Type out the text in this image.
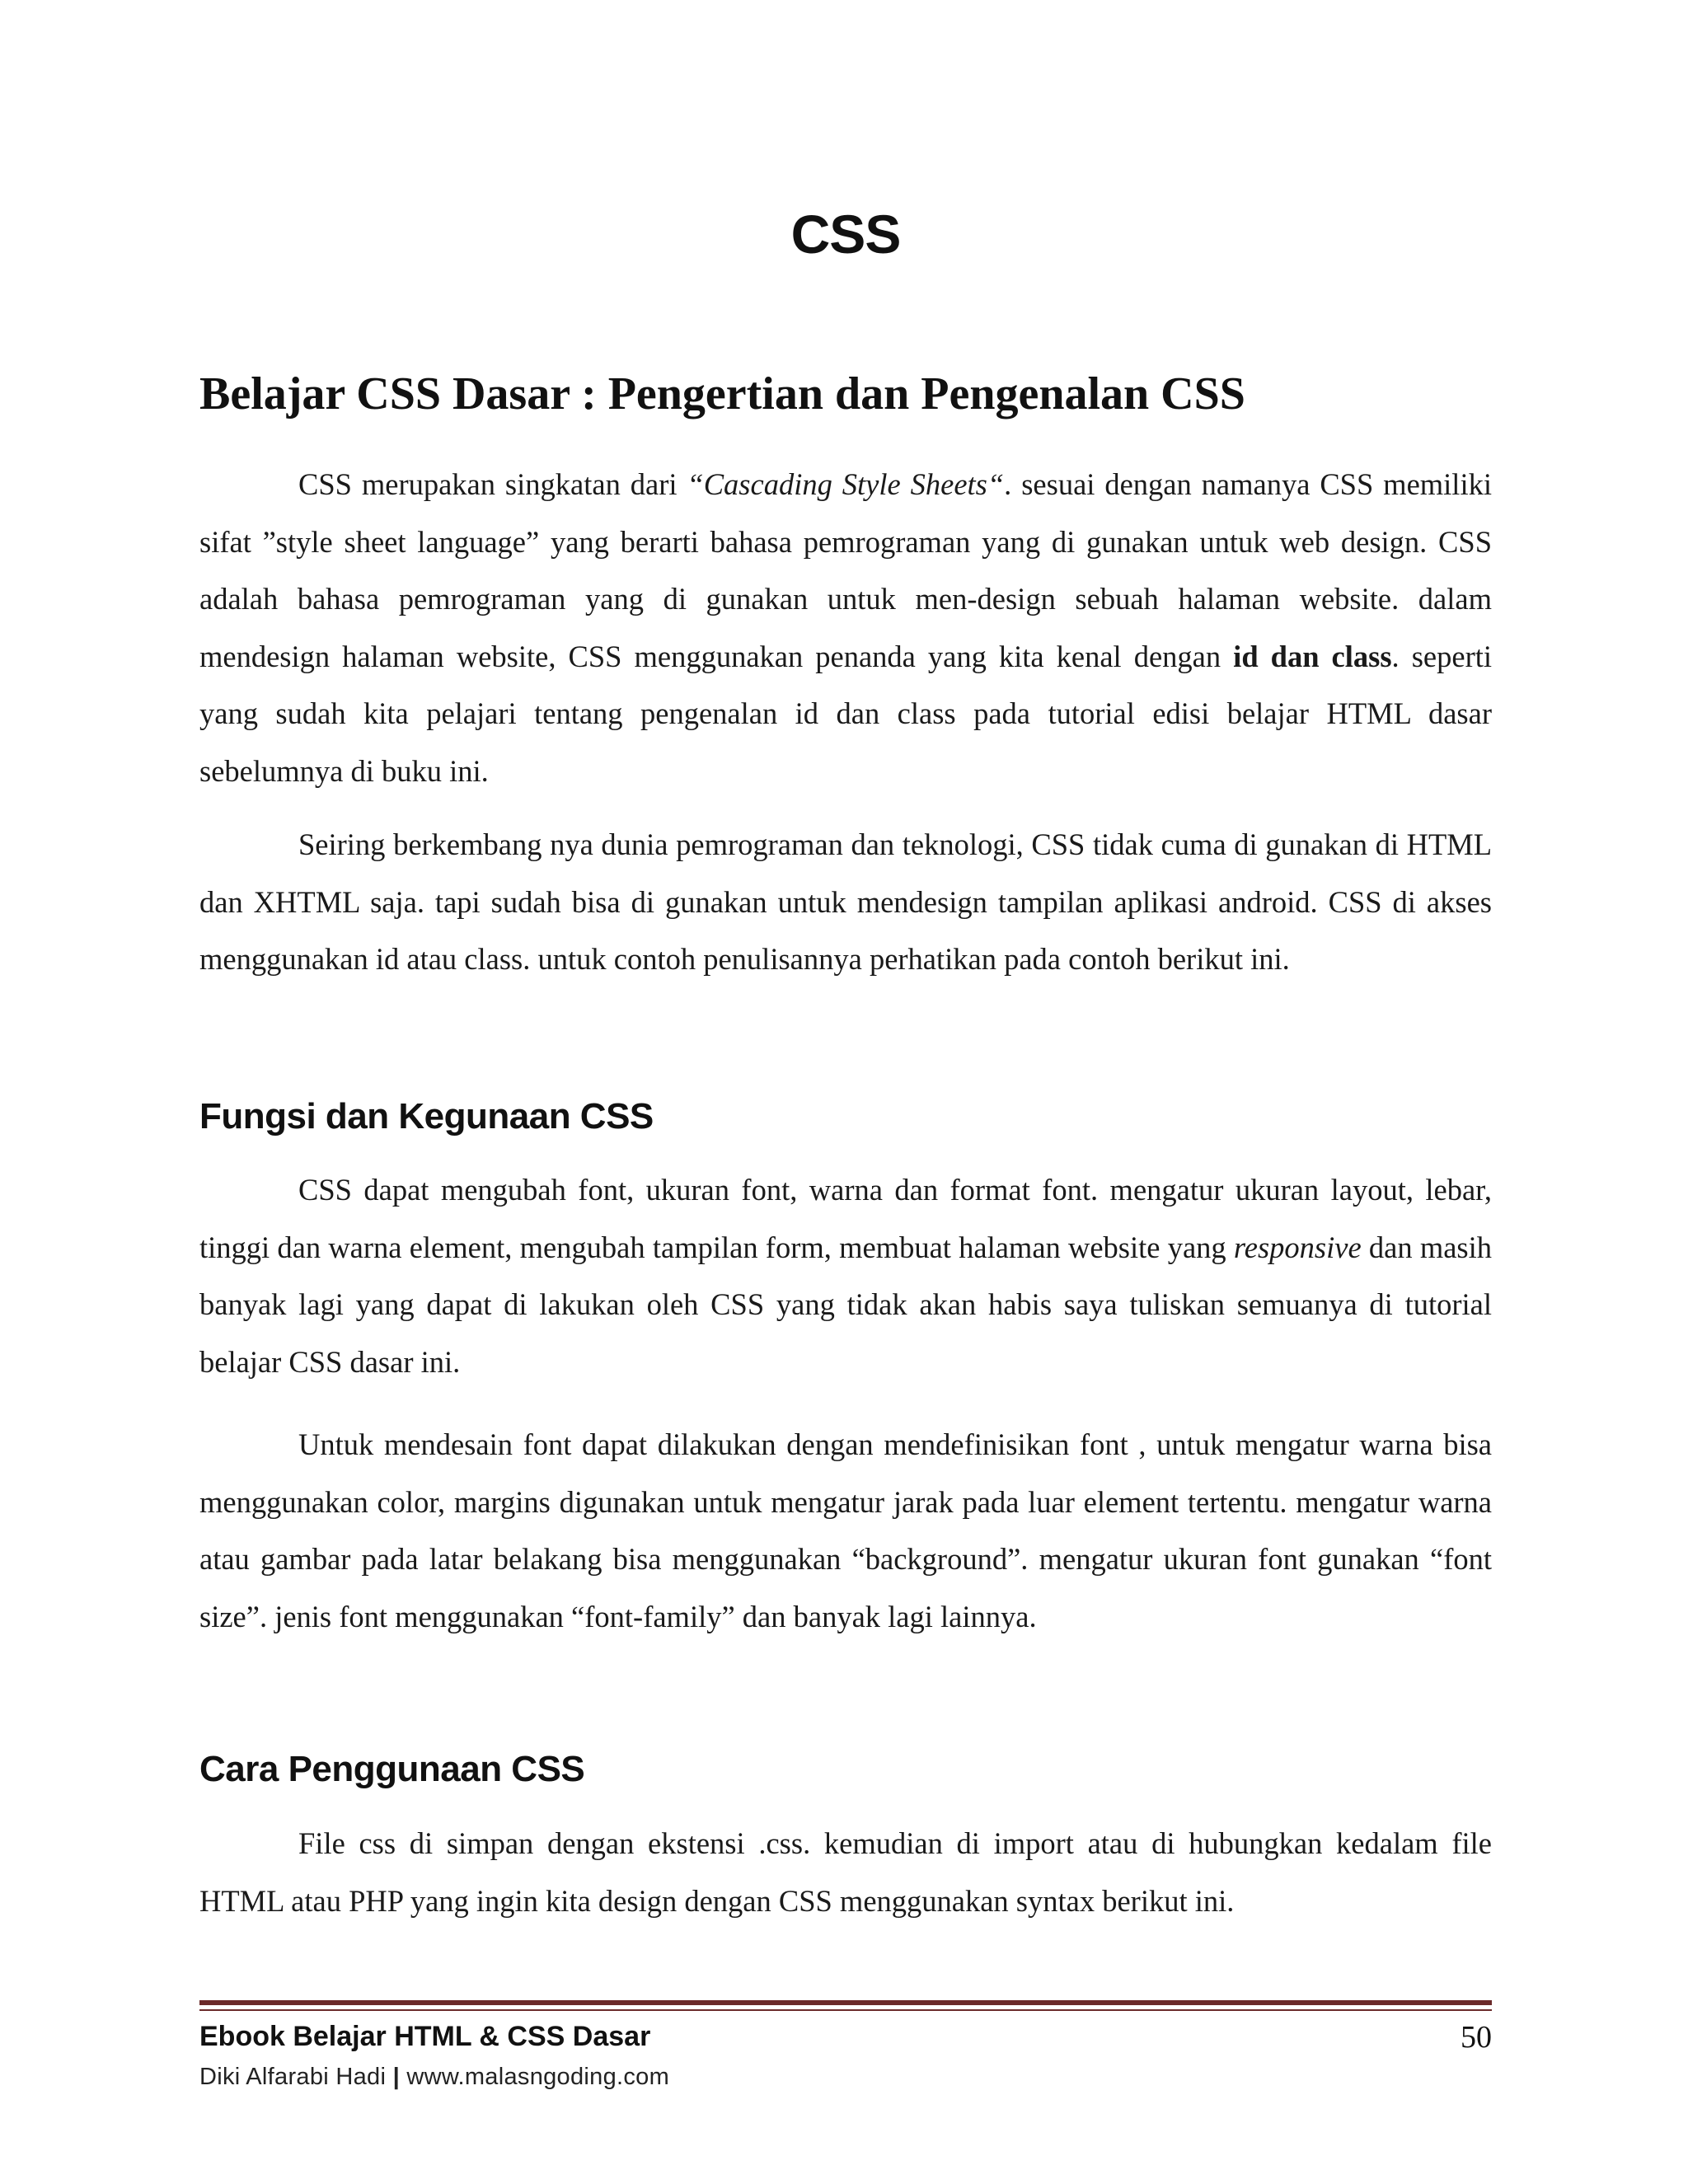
CSS
Belajar CSS Dasar : Pengertian dan Pengenalan CSS

CSS merupakan singkatan dari “Cascading Style Sheets“. sesuai dengan namanya CSS memiliki sifat ”style sheet language” yang berarti bahasa pemrograman yang di gunakan untuk web design. CSS adalah bahasa pemrograman yang di gunakan untuk men-design sebuah halaman website. dalam mendesign halaman website, CSS menggunakan penanda yang kita kenal dengan id dan class. seperti yang sudah kita pelajari tentang pengenalan id dan class pada tutorial edisi belajar HTML dasar sebelumnya di buku ini.

Seiring berkembang nya dunia pemrograman dan teknologi, CSS tidak cuma di gunakan di HTML dan XHTML saja. tapi sudah bisa di gunakan untuk mendesign tampilan aplikasi android. CSS di akses menggunakan id atau class. untuk contoh penulisannya perhatikan pada contoh berikut ini.

Fungsi dan Kegunaan CSS

CSS dapat mengubah font, ukuran font, warna dan format font. mengatur ukuran layout, lebar, tinggi dan warna element, mengubah tampilan form, membuat halaman website yang responsive dan masih banyak lagi yang dapat di lakukan oleh CSS yang tidak akan habis saya tuliskan semuanya di tutorial belajar CSS dasar ini.

Untuk mendesain font dapat dilakukan dengan mendefinisikan font , untuk mengatur warna bisa menggunakan color, margins digunakan untuk mengatur jarak pada luar element tertentu. mengatur warna atau gambar pada latar belakang bisa menggunakan “background”. mengatur ukuran font gunakan “font size”. jenis font menggunakan “font-family” dan banyak lagi lainnya.

Cara Penggunaan CSS

File css di simpan dengan ekstensi .css. kemudian di import atau di hubungkan kedalam file HTML atau PHP yang ingin kita design dengan CSS menggunakan syntax berikut ini.

Ebook Belajar HTML & CSS Dasar	50
Diki Alfarabi Hadi | www.malasngoding.com
